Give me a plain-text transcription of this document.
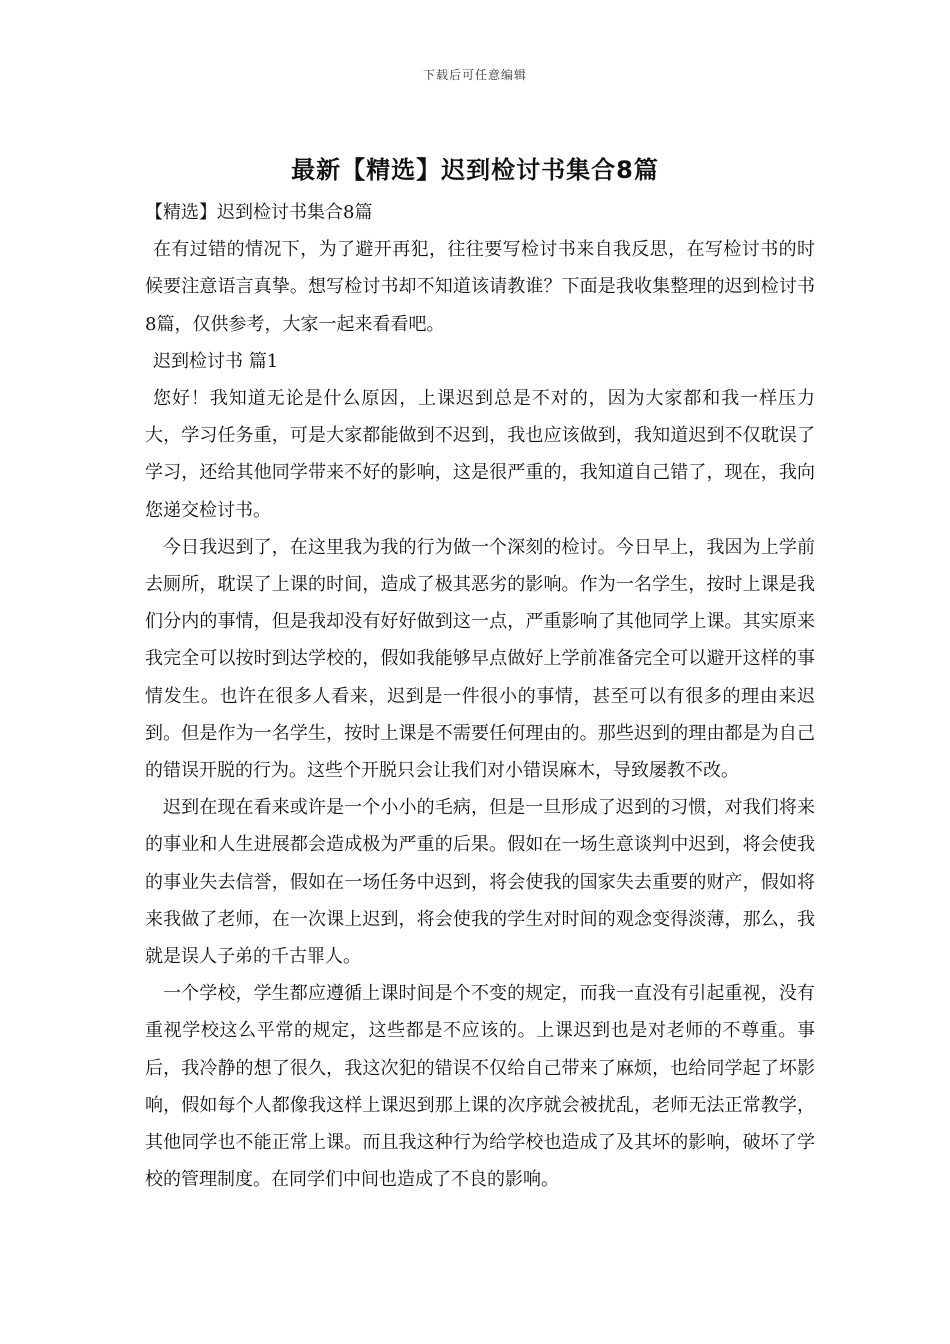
下载后可任意编辑
最新【精选】迟到检讨书集合8篇

【精选】迟到检讨书集合8篇

在有过错的情况下，为了避开再犯，往往要写检讨书来自我反思，在写检讨书的时候要注意语言真挚。想写检讨书却不知道该请教谁？下面是我收集整理的迟到检讨书8篇，仅供参考，大家一起来看看吧。

迟到检讨书 篇1

您好！我知道无论是什么原因，上课迟到总是不对的，因为大家都和我一样压力大，学习任务重，可是大家都能做到不迟到，我也应该做到，我知道迟到不仅耽误了学习，还给其他同学带来不好的影响，这是很严重的，我知道自己错了，现在，我向您递交检讨书。

今日我迟到了，在这里我为我的行为做一个深刻的检讨。今日早上，我因为上学前去厕所，耽误了上课的时间，造成了极其恶劣的影响。作为一名学生，按时上课是我们分内的事情，但是我却没有好好做到这一点，严重影响了其他同学上课。其实原来我完全可以按时到达学校的，假如我能够早点做好上学前准备完全可以避开这样的事情发生。也许在很多人看来，迟到是一件很小的事情，甚至可以有很多的理由来迟到。但是作为一名学生，按时上课是不需要任何理由的。那些迟到的理由都是为自己的错误开脱的行为。这些个开脱只会让我们对小错误麻木，导致屡教不改。

迟到在现在看来或许是一个小小的毛病，但是一旦形成了迟到的习惯，对我们将来的事业和人生进展都会造成极为严重的后果。假如在一场生意谈判中迟到，将会使我的事业失去信誉，假如在一场任务中迟到，将会使我的国家失去重要的财产，假如将来我做了老师，在一次课上迟到，将会使我的学生对时间的观念变得淡薄，那么，我就是误人子弟的千古罪人。

一个学校，学生都应遵循上课时间是个不变的规定，而我一直没有引起重视，没有重视学校这么平常的规定，这些都是不应该的。上课迟到也是对老师的不尊重。事后，我冷静的想了很久，我这次犯的错误不仅给自己带来了麻烦，也给同学起了坏影响，假如每个人都像我这样上课迟到那上课的次序就会被扰乱，老师无法正常教学，其他同学也不能正常上课。而且我这种行为给学校也造成了及其坏的影响，破坏了学校的管理制度。在同学们中间也造成了不良的影响。
